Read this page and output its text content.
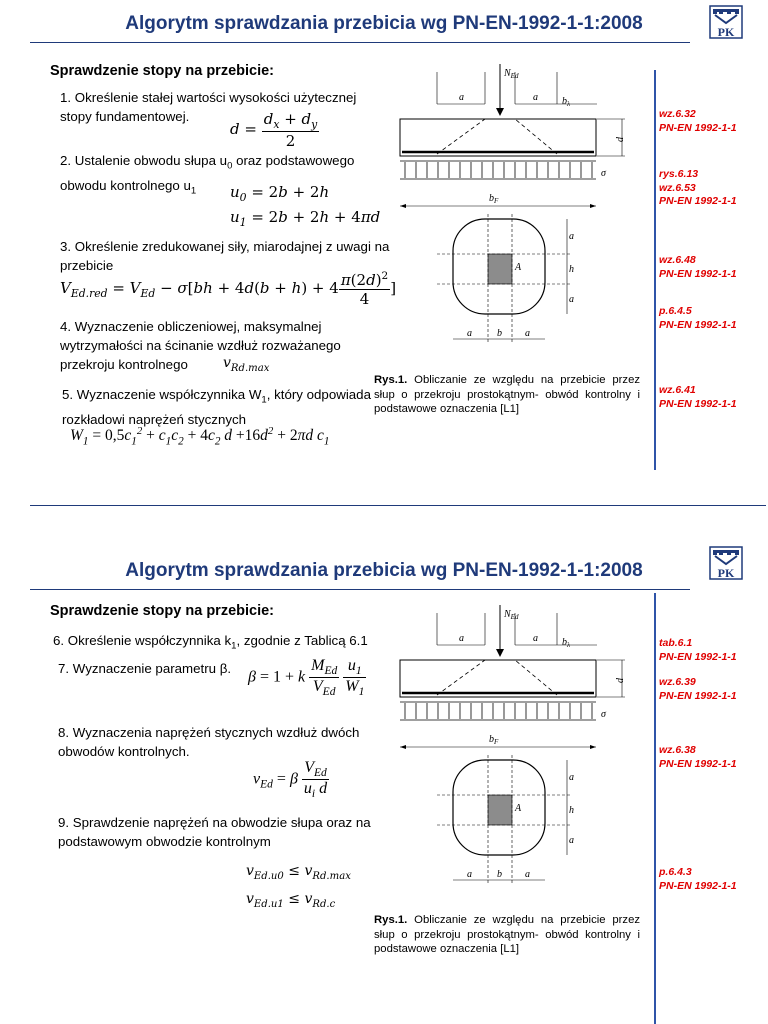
Algorytm sprawdzania przebicia wg PN-EN-1992-1-1:2008	PK
Sprawdzenie stopy na przebicie:
1. Określenie stałej wartości wysokości użytecznej stopy fundamentowej.
$d = \frac{d_x + d_y}{2}$
2. Ustalenie obwodu słupa $u_0$ oraz podstawowego obwodu kontrolnego $u_1$	$u_0 = 2b + 2h$
$u_1 = 2b + 2h + 4\pi d$
3. Określenie zredukowanej siły, miarodajnej z uwagi na przebicie
$V_{Ed.red} = V_{Ed} - \sigma[bh + 4d(b + h) + 4 \frac{\pi(2d)^2}{4}$ ]
4. Wyznaczenie obliczeniowej, maksymalnej wytrzymałości na ścinanie wzdłuż rozważanego przekroju kontrolnego	$v_{Rd.max}$
5. Wyznaczenie współczynnika $W_1$, który odpowiada rozkładowi naprężeń stycznych
$W_1 = 0,5c_1^2 + c_1c_2 + 4c_2$ $d +16d^2 + 2\pi d$ $c_1$
$N_{Ed}$
a	a $b_\lambda$
d
σ
$b_F$
A
a
h
a
a	b a
Rys.1. Obliczanie ze względu na przebicie przez słup o przekroju prostokątnym- obwód kontrolny i podstawowe oznaczenia [L1]
wz.6.32
PN-EN 1992-1-1
rys.6.13
wz.6.53
PN-EN 1992-1-1
wz.6.48
PN-EN 1992-1-1
p.6.4.5
PN-EN 1992-1-1
wz.6.41
PN-EN 1992-1-1
Algorytm sprawdzania przebicia wg PN-EN-1992-1-1:2008	PK
Sprawdzenie stopy na przebicie:
6. Określenie współczynnika $k_1$, zgodnie z Tablicą 6.1
7. Wyznaczenie parametru β.	β = 1 + k $\frac{M_{Ed}}{V_{Ed}}$
$\frac{u_1}{W_1}$
8. Wyznaczenia naprężeń stycznych wzdłuż dwóch obwodów kontrolnych.
$v_{Ed} = \beta \frac{V_{Ed}}{u_i d}$
9. Sprawdzenie naprężeń na obwodzie słupa oraz na podstawowym obwodzie kontrolnym
$v_{Ed.u0} \le v_{Rd.max}$
$v_{Ed.u1} \le v_{Rd.c}$
$N_{Ed}$
a	a $b_\lambda$
d
σ
$b_F$
A
a
h
a
a	b a
Rys.1. Obliczanie ze względu na przebicie przez słup o przekroju prostokątnym- obwód kontrolny i podstawowe oznaczenia [L1]
tab.6.1
PN-EN 1992-1-1
wz.6.39
PN-EN 1992-1-1
wz.6.38
PN-EN 1992-1-1
p.6.4.3
PN-EN 1992-1-1
